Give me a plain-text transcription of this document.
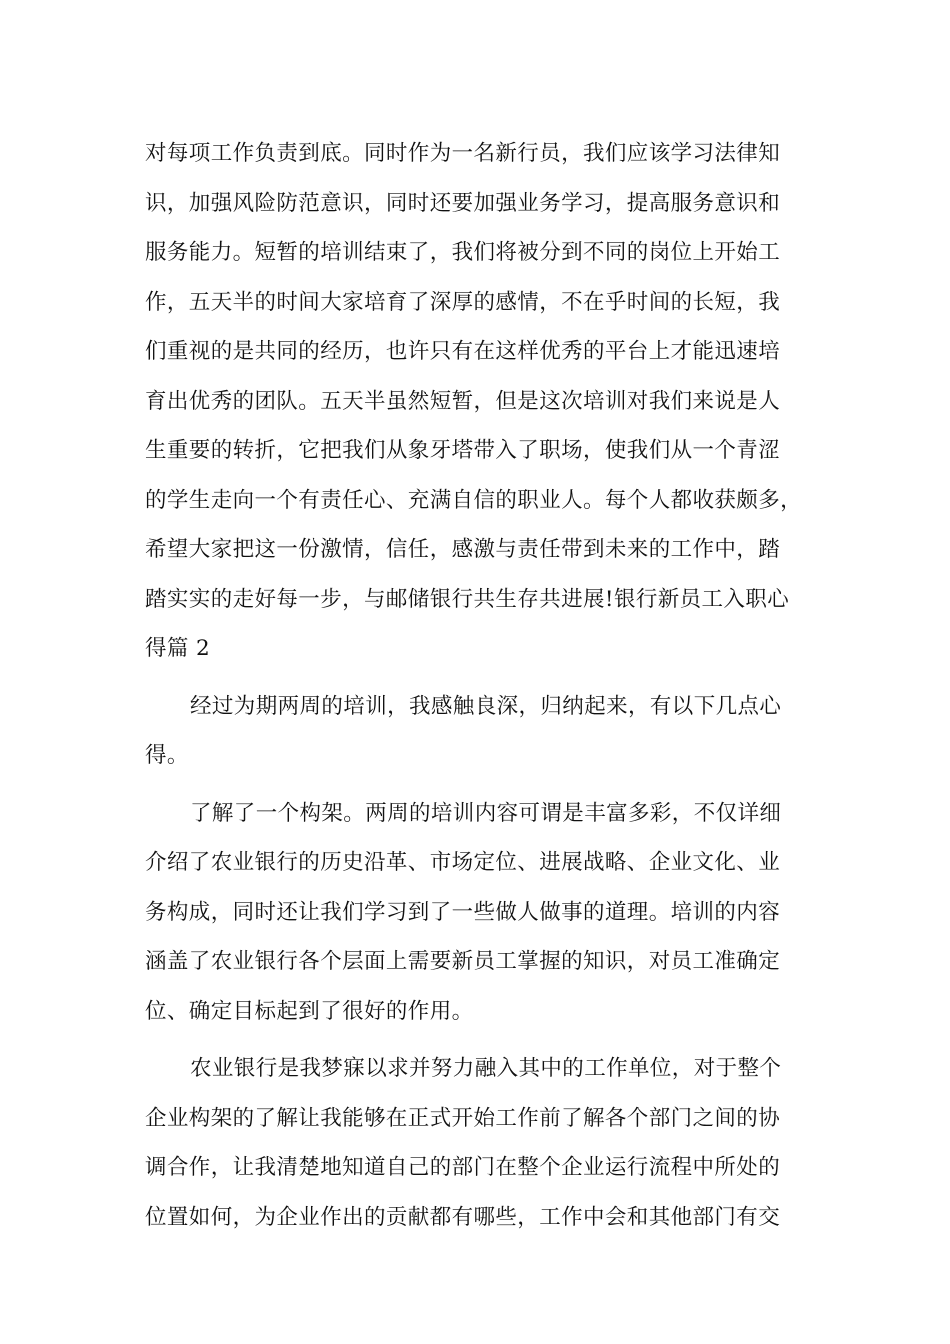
对每项工作负责到底。同时作为一名新行员，我们应该学习法律知
识，加强风险防范意识，同时还要加强业务学习，提高服务意识和
服务能力。短暂的培训结束了，我们将被分到不同的岗位上开始工
作，五天半的时间大家培育了深厚的感情，不在乎时间的长短，我
们重视的是共同的经历，也许只有在这样优秀的平台上才能迅速培
育出优秀的团队。五天半虽然短暂，但是这次培训对我们来说是人
生重要的转折，它把我们从象牙塔带入了职场，使我们从一个青涩
的学生走向一个有责任心、充满自信的职业人。每个人都收获颇多，
希望大家把这一份激情，信任，感激与责任带到未来的工作中，踏
踏实实的走好每一步，与邮储银行共生存共进展!银行新员工入职心
得篇 2
经过为期两周的培训，我感触良深，归纳起来，有以下几点心
得。
了解了一个构架。两周的培训内容可谓是丰富多彩，不仅详细
介绍了农业银行的历史沿革、市场定位、进展战略、企业文化、业
务构成，同时还让我们学习到了一些做人做事的道理。培训的内容
涵盖了农业银行各个层面上需要新员工掌握的知识，对员工准确定
位、确定目标起到了很好的作用。
农业银行是我梦寐以求并努力融入其中的工作单位，对于整个
企业构架的了解让我能够在正式开始工作前了解各个部门之间的协
调合作，让我清楚地知道自己的部门在整个企业运行流程中所处的
位置如何，为企业作出的贡献都有哪些，工作中会和其他部门有交
